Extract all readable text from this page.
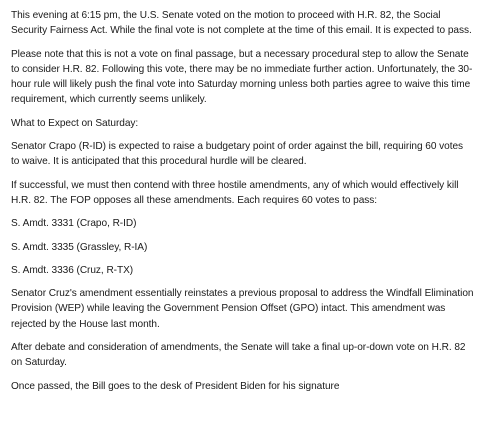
This evening at 6:15 pm, the U.S. Senate voted on the motion to proceed with H.R. 82, the Social Security Fairness Act. While the final vote is not complete at the time of this email. It is expected to pass.

Please note that this is not a vote on final passage, but a necessary procedural step to allow the Senate to consider H.R. 82. Following this vote, there may be no immediate further action. Unfortunately, the 30-hour rule will likely push the final vote into Saturday morning unless both parties agree to waive this time requirement, which currently seems unlikely.

What to Expect on Saturday:

Senator Crapo (R-ID) is expected to raise a budgetary point of order against the bill, requiring 60 votes to waive. It is anticipated that this procedural hurdle will be cleared.

If successful, we must then contend with three hostile amendments, any of which would effectively kill H.R. 82. The FOP opposes all these amendments. Each requires 60 votes to pass:

S. Amdt. 3331 (Crapo, R-ID)

S. Amdt. 3335 (Grassley, R-IA)

S. Amdt. 3336 (Cruz, R-TX)

Senator Cruz's amendment essentially reinstates a previous proposal to address the Windfall Elimination Provision (WEP) while leaving the Government Pension Offset (GPO) intact. This amendment was rejected by the House last month.

After debate and consideration of amendments, the Senate will take a final up-or-down vote on H.R. 82 on Saturday.

Once passed, the Bill goes to the desk of President Biden for his signature
